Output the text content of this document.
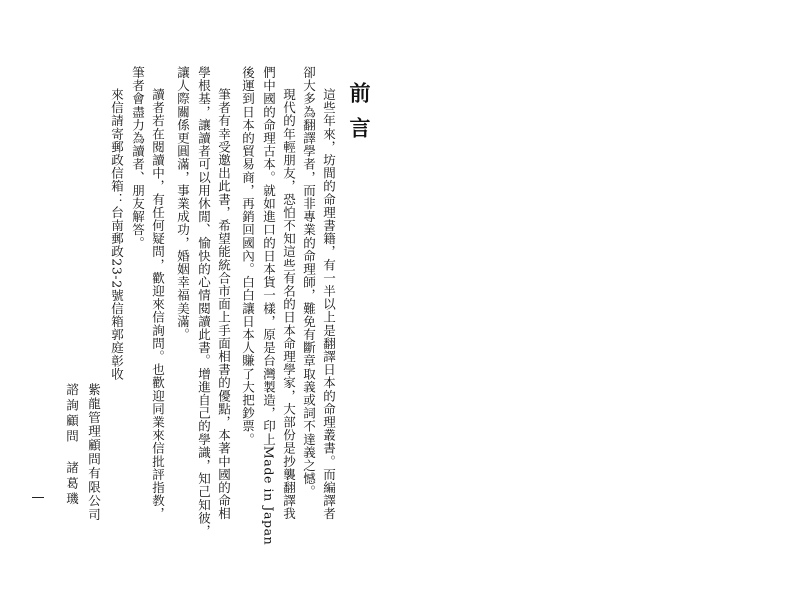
前言
這些年來，坊間的命理書籍，有一半以上是翻譯日本的命理叢書。而編譯者
卻大多為翻譯學者，而非專業的命理師，難免有斷章取義或詞不達義之憾。
現代的年輕朋友，恐怕不知這些有名的日本命理學家，大部份是抄襲翻譯我
們中國的命理古本。就如進口的日本貨一樣，原是台灣製造，印上Made in Japan
後運到日本的貿易商，再銷回國內。白白讓日本人賺了大把鈔票。
筆者有幸受邀出此書，希望能統合市面上手面相書的優點，本著中國的命相
學根基，讓讀者可以用休閒、愉快的心情閱讀此書。增進自己的學識，知己知彼，
讓人際關係更圓滿，事業成功，婚姻幸福美滿。
讀者若在閱讀中，有任何疑問，歡迎來信詢問。也歡迎同業來信批評指教，
筆者會盡力為讀者、朋友解答。
來信請寄郵政信箱：台南郵政23-2號信箱郭庭彰收
紫龍管理顧問有限公司
諮詢顧問
諸葛璣
